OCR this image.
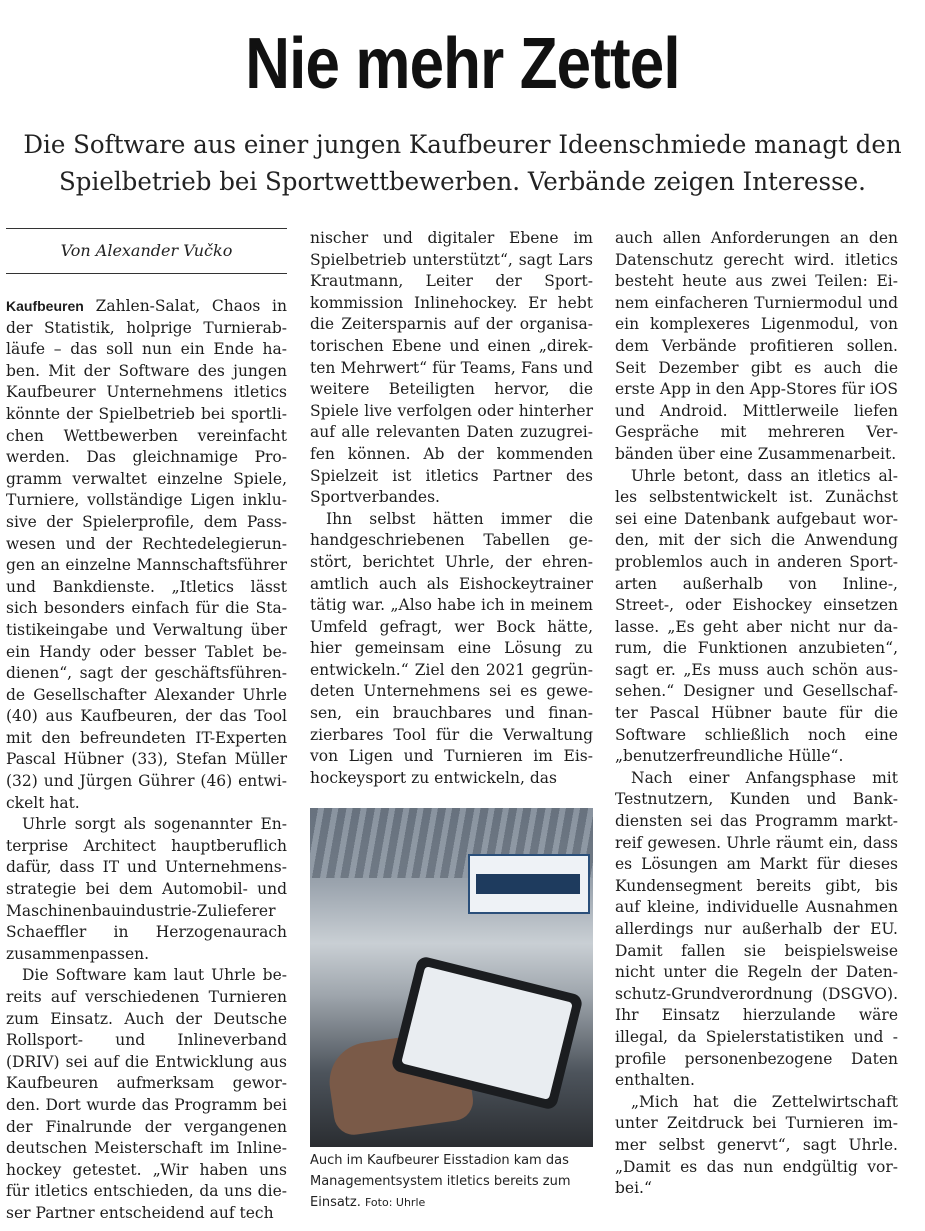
Nie mehr Zettel

Die Software aus einer jungen Kaufbeurer Ideenschmiede managt den Spielbetrieb bei Sportwettbewerben. Verbände zeigen Interesse.

Von Alexander Vučko

Kaufbeuren Zahlen-Salat, Chaos in der Statistik, holprige Turnierabläufe – das soll nun ein Ende haben. Mit der Software des jungen Kaufbeurer Unternehmens itletics könnte der Spielbetrieb bei sportlichen Wettbewerben vereinfacht werden. Das gleichnamige Programm verwaltet einzelne Spiele, Turniere, vollständige Ligen inklusive der Spielerprofile, dem Passwesen und der Rechtedelegierungen an einzelne Mannschaftsführer und Bankdienste. „Itletics lässt sich besonders einfach für die Statistikeingabe und Verwaltung über ein Handy oder besser Tablet bedienen“, sagt der geschäftsführende Gesellschafter Alexander Uhrle (40) aus Kaufbeuren, der das Tool mit den befreundeten IT-Experten Pascal Hübner (33), Stefan Müller (32) und Jürgen Gührer (46) entwickelt hat.

Uhrle sorgt als sogenannter Enterprise Architect hauptberuflich dafür, dass IT und Unternehmensstrategie bei dem Automobil- und Maschinenbauindustrie-Zulieferer Schaeffler in Herzogenaurach zusammenpassen.

Die Software kam laut Uhrle bereits auf verschiedenen Turnieren zum Einsatz. Auch der Deutsche Rollsport- und Inlineverband (DRIV) sei auf die Entwicklung aus Kaufbeuren aufmerksam geworden. Dort wurde das Programm bei der Finalrunde der vergangenen deutschen Meisterschaft im Inlinehockey getestet. „Wir haben uns für itletics entschieden, da uns dieser Partner entscheidend auf tech

nischer und digitaler Ebene im Spielbetrieb unterstützt“, sagt Lars Krautmann, Leiter der Sportkommission Inlinehockey. Er hebt die Zeitersparnis auf der organisatorischen Ebene und einen „direkten Mehrwert“ für Teams, Fans und weitere Beteiligten hervor, die Spiele live verfolgen oder hinterher auf alle relevanten Daten zuzugreifen können. Ab der kommenden Spielzeit ist itletics Partner des Sportverbandes.

Ihn selbst hätten immer die handgeschriebenen Tabellen gestört, berichtet Uhrle, der ehrenamtlich auch als Eishockeytrainer tätig war. „Also habe ich in meinem Umfeld gefragt, wer Bock hätte, hier gemeinsam eine Lösung zu entwickeln.“ Ziel den 2021 gegründeten Unternehmens sei es gewesen, ein brauchbares und finanzierbares Tool für die Verwaltung von Ligen und Turnieren im Eishockeysport zu entwickeln, das

Auch im Kaufbeurer Eisstadion kam das Managementsystem itletics bereits zum Einsatz. Foto: Uhrle

auch allen Anforderungen an den Datenschutz gerecht wird. itletics besteht heute aus zwei Teilen: Einem einfacheren Turniermodul und ein komplexeres Ligenmodul, von dem Verbände profitieren sollen. Seit Dezember gibt es auch die erste App in den App-Stores für iOS und Android. Mittlerweile liefen Gespräche mit mehreren Verbänden über eine Zusammenarbeit.

Uhrle betont, dass an itletics alles selbstentwickelt ist. Zunächst sei eine Datenbank aufgebaut worden, mit der sich die Anwendung problemlos auch in anderen Sportarten außerhalb von Inline-, Street-, oder Eishockey einsetzen lasse. „Es geht aber nicht nur darum, die Funktionen anzubieten“, sagt er. „Es muss auch schön aussehen.“ Designer und Gesellschafter Pascal Hübner baute für die Software schließlich noch eine „benutzerfreundliche Hülle“.

Nach einer Anfangsphase mit Testnutzern, Kunden und Bankdiensten sei das Programm marktreif gewesen. Uhrle räumt ein, dass es Lösungen am Markt für dieses Kundensegment bereits gibt, bis auf kleine, individuelle Ausnahmen allerdings nur außerhalb der EU. Damit fallen sie beispielsweise nicht unter die Regeln der Datenschutz-Grundverordnung (DSGVO). Ihr Einsatz hierzulande wäre illegal, da Spielerstatistiken und -profile personenbezogene Daten enthalten.

„Mich hat die Zettelwirtschaft unter Zeitdruck bei Turnieren immer selbst genervt“, sagt Uhrle. „Damit es das nun endgültig vorbei.“
